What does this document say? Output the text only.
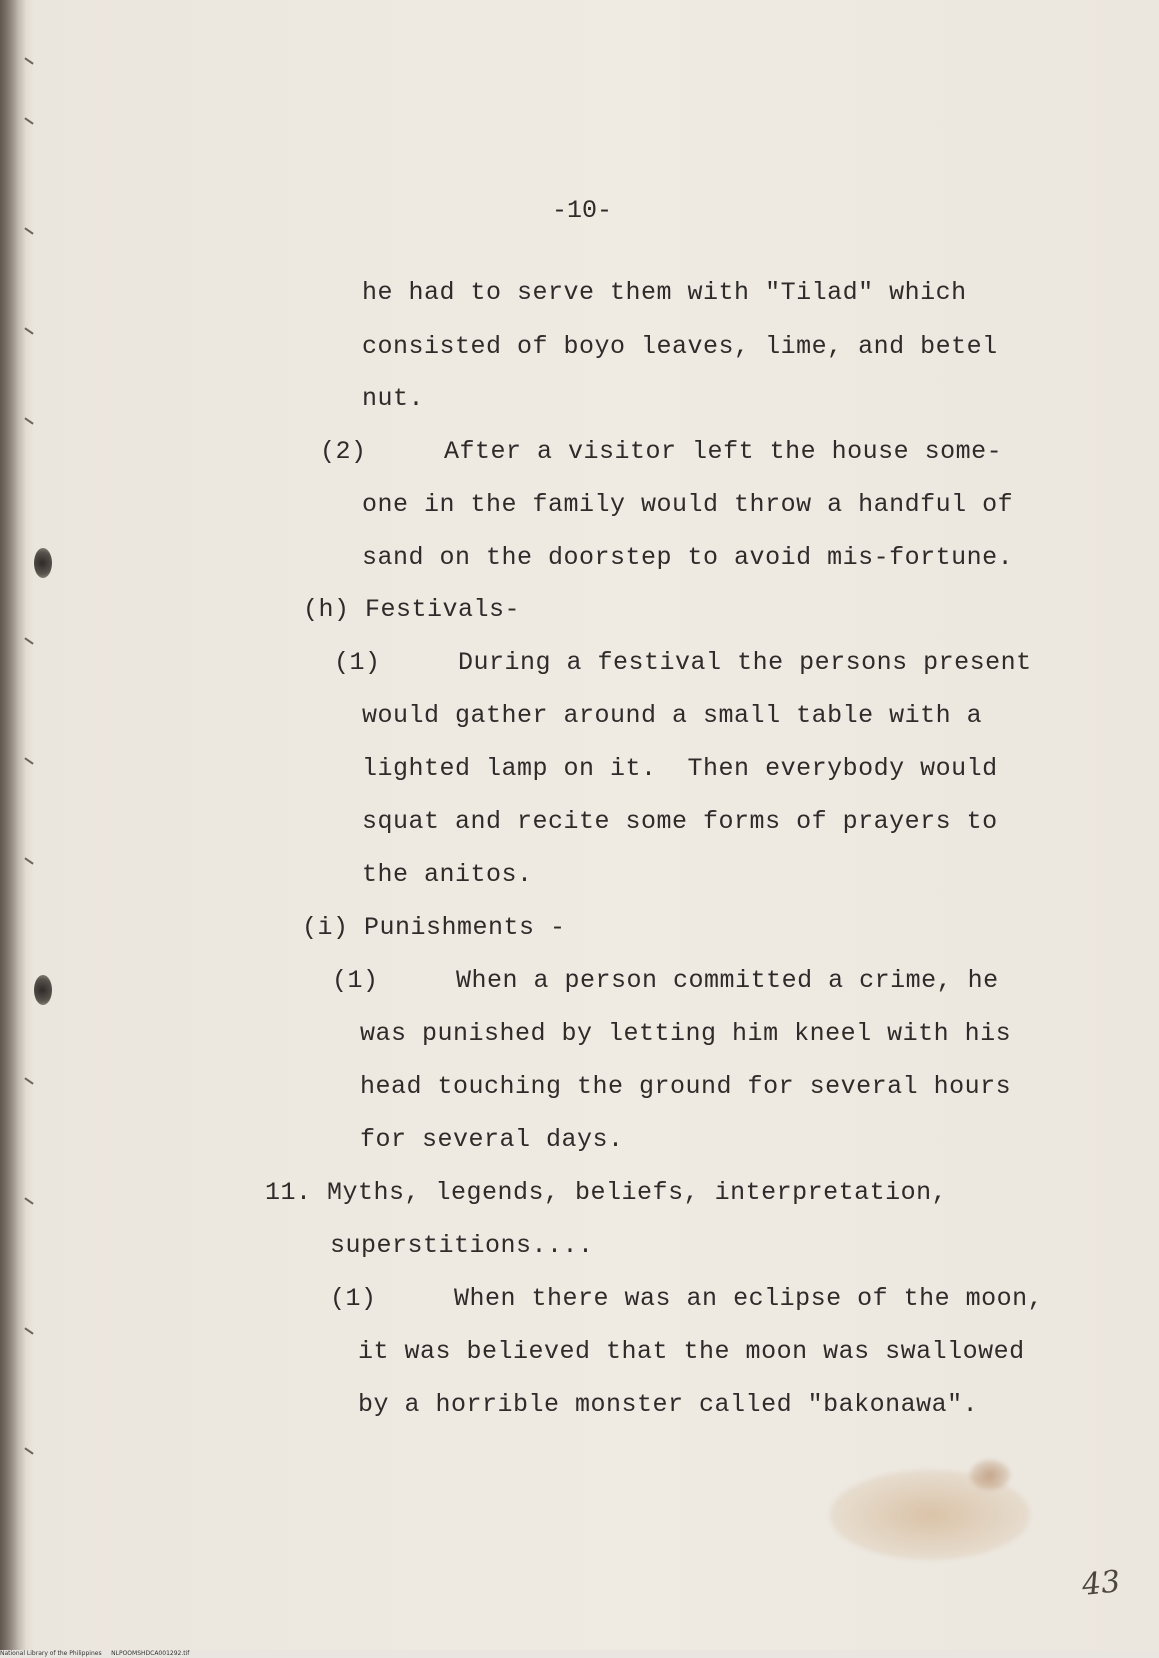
-10-

he had to serve them with "Tilad" which

consisted of boyo leaves, lime, and betel

nut.

(2)     After a visitor left the house some-

one in the family would throw a handful of

sand on the doorstep to avoid mis-fortune.

(h) Festivals-

(1)     During a festival the persons present

would gather around a small table with a

lighted lamp on it.  Then everybody would

squat and recite some forms of prayers to

the anitos.

(i) Punishments -

(1)     When a person committed a crime, he

was punished by letting him kneel with his

head touching the ground for several hours

for several days.

11. Myths, legends, beliefs, interpretation,

superstitions....

(1)     When there was an eclipse of the moon,

it was believed that the moon was swallowed

by a horrible monster called "bakonawa".

43

National Library of the Philippines NLPOOMSHDCA001292.tif
